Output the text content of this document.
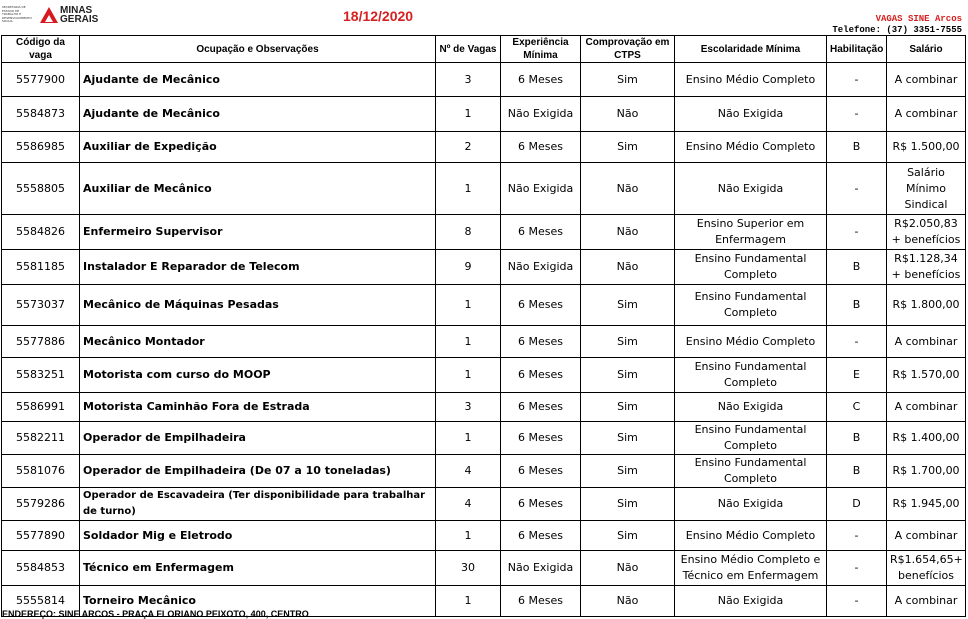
SECRETARIA DE ESTADO DE TRABALHO E DESENVOLVIMENTO SOCIAL
MINAS
GERAIS	18/12/2020	VAGAS SINE Arcos
Telefone: (37) 3351-7555
Código da vaga	Ocupação e Observações	Nº de Vagas	Experiência Mínima	Comprovação em CTPS	Escolaridade Mínima	Habilitação	Salário
5577900	Ajudante de Mecânico	3	6 Meses	Sim	Ensino Médio Completo	-	A combinar
5584873	Ajudante de Mecânico	1	Não Exigida	Não	Não Exigida	-	A combinar
5586985	Auxiliar de Expedição	2	6 Meses	Sim	Ensino Médio Completo	B	R$ 1.500,00
5558805	Auxiliar de Mecânico	1	Não Exigida	Não	Não Exigida	-	Salário Mínimo Sindical
5584826	Enfermeiro Supervisor	8	6 Meses	Não	Ensino Superior em Enfermagem	-	R$2.050,83 + benefícios
5581185	Instalador E Reparador de Telecom	9	Não Exigida	Não	Ensino Fundamental Completo	B	R$1.128,34 + benefícios
5573037	Mecânico de Máquinas Pesadas	1	6 Meses	Sim	Ensino Fundamental Completo	B	R$ 1.800,00
5577886	Mecânico Montador	1	6 Meses	Sim	Ensino Médio Completo	-	A combinar
5583251	Motorista com curso do MOOP	1	6 Meses	Sim	Ensino Fundamental Completo	E	R$ 1.570,00
5586991	Motorista Caminhão Fora de Estrada	3	6 Meses	Sim	Não Exigida	C	A combinar
5582211	Operador de Empilhadeira	1	6 Meses	Sim	Ensino Fundamental Completo	B	R$ 1.400,00
5581076	Operador de Empilhadeira (De 07 a 10 toneladas)	4	6 Meses	Sim	Ensino Fundamental Completo	B	R$ 1.700,00
5579286	Operador de Escavadeira (Ter disponibilidade para trabalhar de turno)	4	6 Meses	Sim	Não Exigida	D	R$ 1.945,00
5577890	Soldador Mig e Eletrodo	1	6 Meses	Sim	Ensino Médio Completo	-	A combinar
5584853	Técnico em Enfermagem	30	Não Exigida	Não	Ensino Médio Completo e Técnico em Enfermagem	-	R$1.654,65+ benefícios
5555814	Torneiro Mecânico	1	6 Meses	Não	Não Exigida	-	A combinar
ENDEREÇO: SINE ARCOS - PRAÇA FLORIANO PEIXOTO, 400, CENTRO
